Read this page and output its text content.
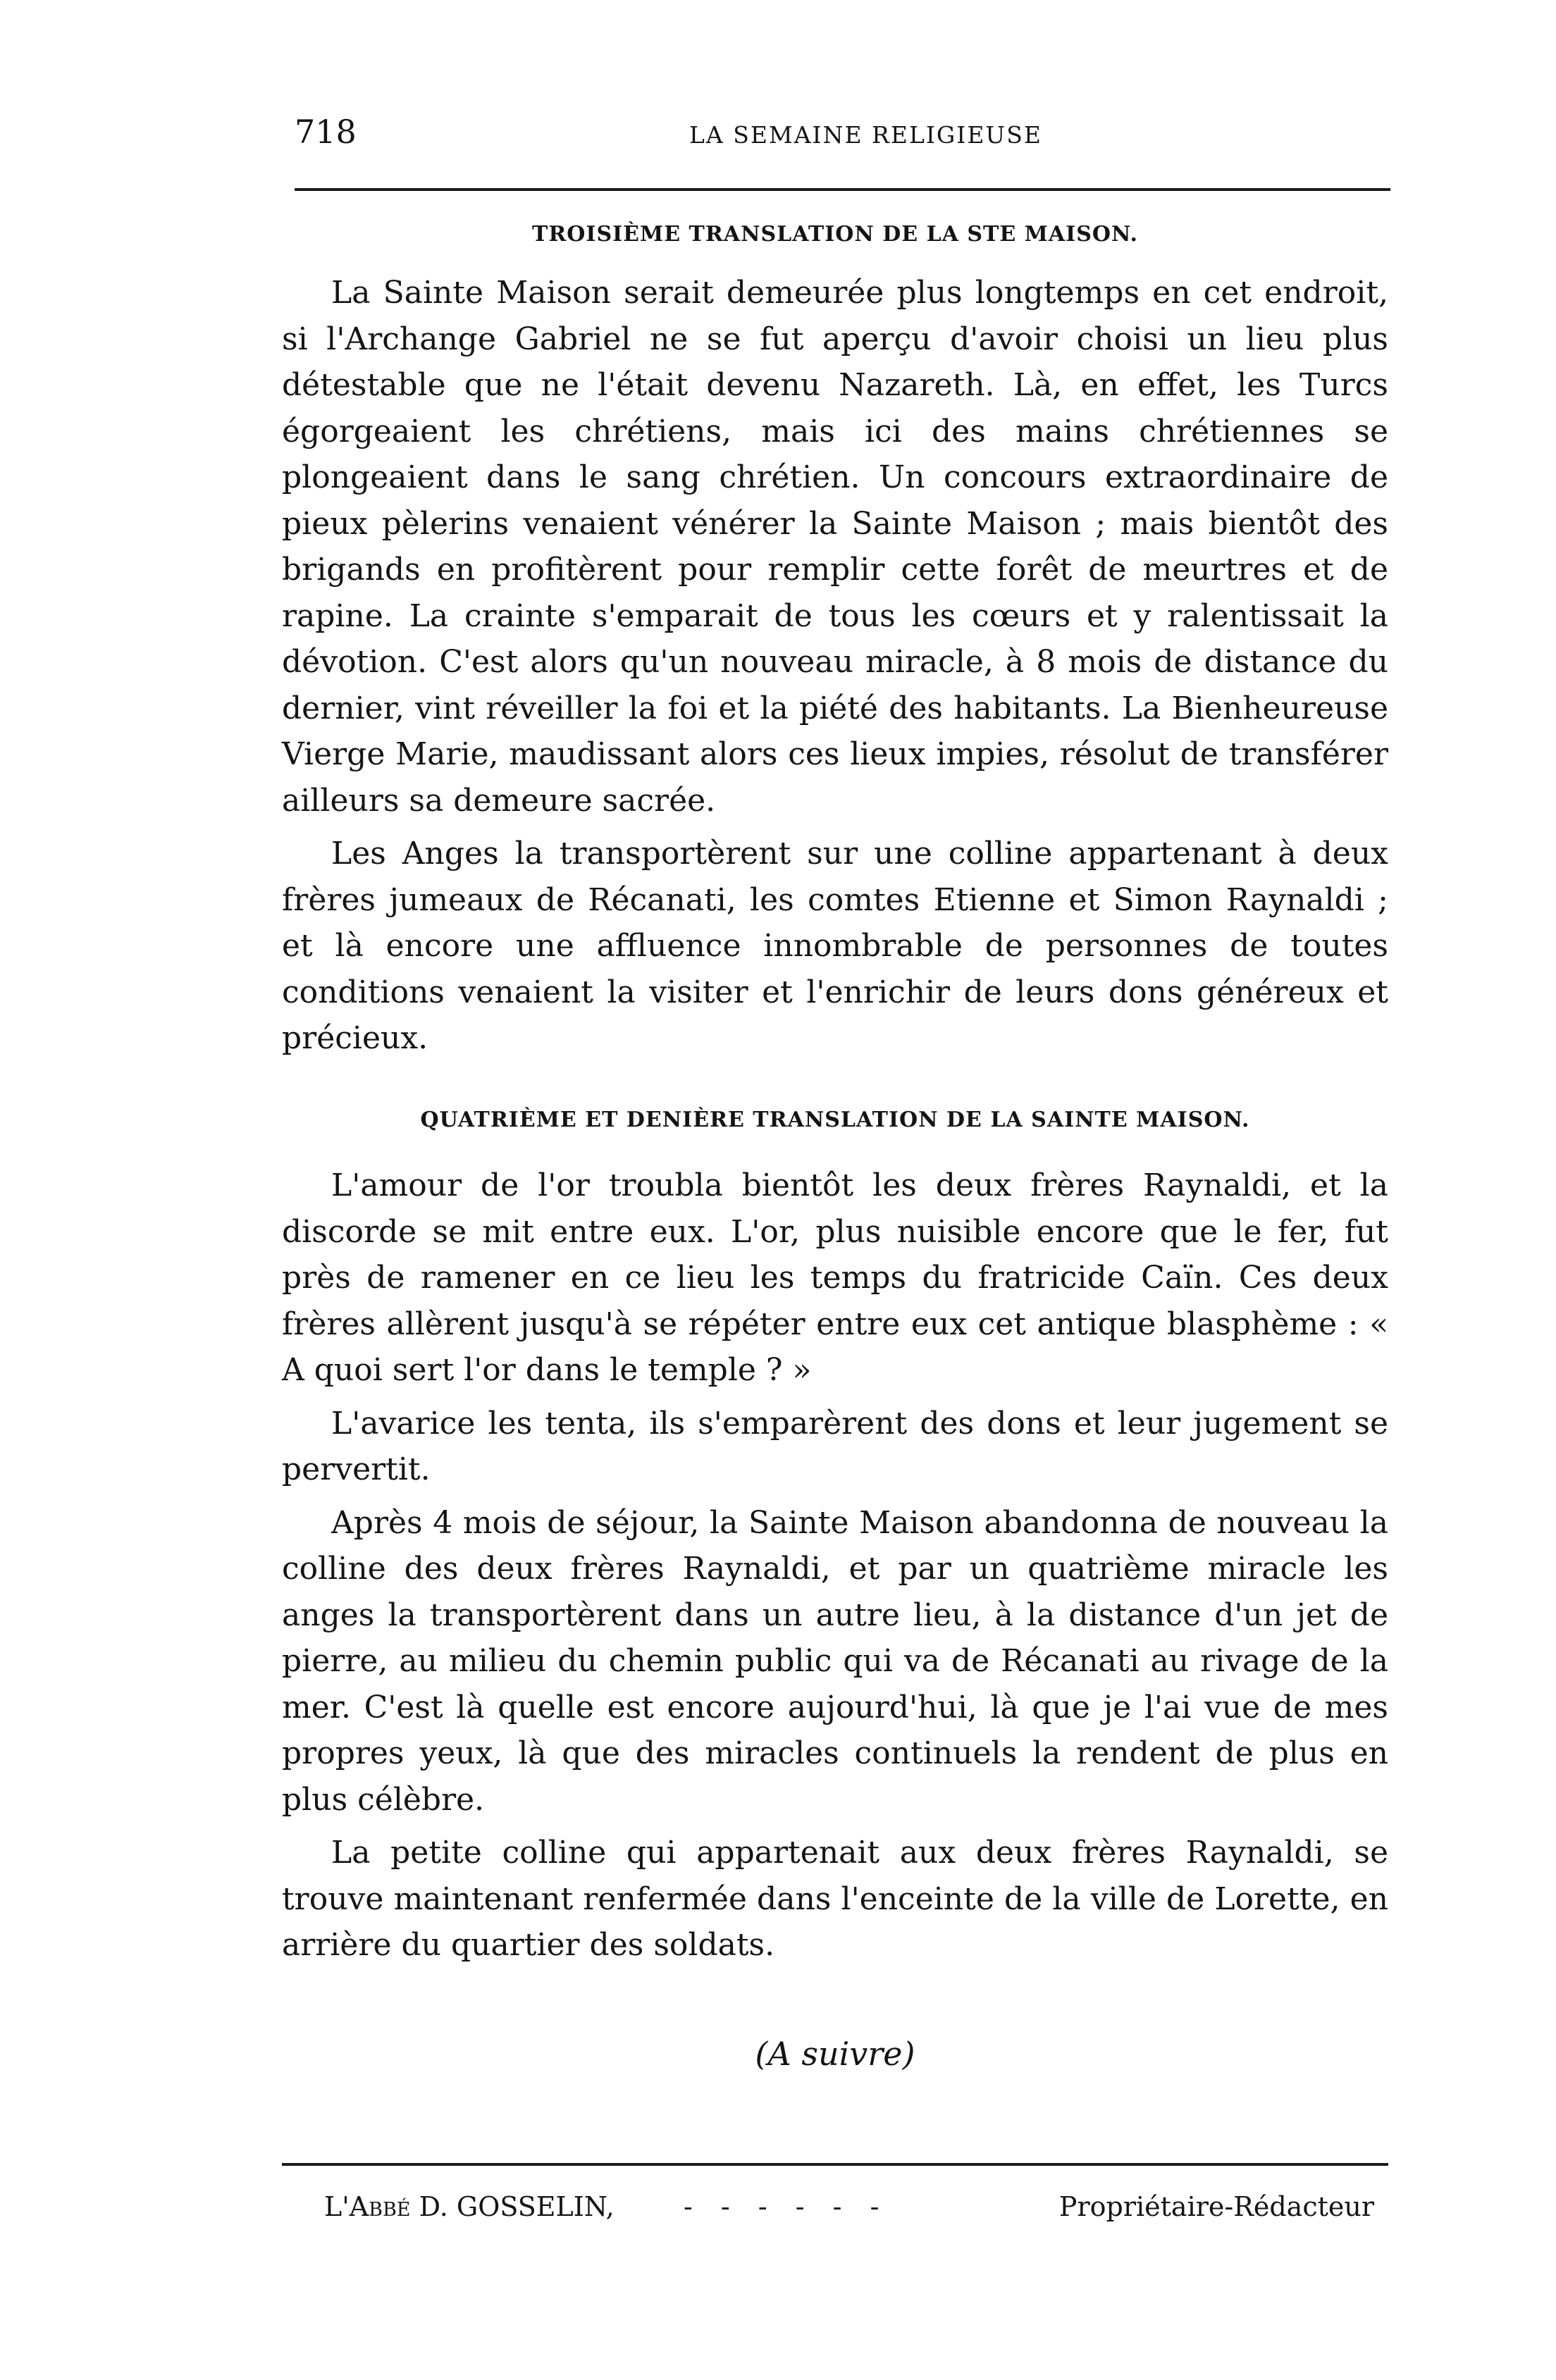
718	LA SEMAINE RELIGIEUSE
TROISIÈME TRANSLATION DE LA STE MAISON.

La Sainte Maison serait demeurée plus longtemps en cet endroit, si l'Archange Gabriel ne se fut aperçu d'avoir choisi un lieu plus détestable que ne l'était devenu Nazareth. Là, en effet, les Turcs égorgeaient les chrétiens, mais ici des mains chrétiennes se plongeaient dans le sang chrétien. Un concours extraordinaire de pieux pèlerins venaient vénérer la Sainte Maison ; mais bientôt des brigands en profitèrent pour remplir cette forêt de meurtres et de rapine. La crainte s'emparait de tous les cœurs et y ralentissait la dévotion. C'est alors qu'un nouveau miracle, à 8 mois de distance du dernier, vint réveiller la foi et la piété des habitants. La Bienheureuse Vierge Marie, maudissant alors ces lieux impies, résolut de transférer ailleurs sa demeure sacrée.

Les Anges la transportèrent sur une colline appartenant à deux frères jumeaux de Récanati, les comtes Etienne et Simon Raynaldi ; et là encore une affluence innombrable de personnes de toutes conditions venaient la visiter et l'enrichir de leurs dons généreux et précieux.

QUATRIÈME ET DENIÈRE TRANSLATION DE LA SAINTE MAISON.

L'amour de l'or troubla bientôt les deux frères Raynaldi, et la discorde se mit entre eux. L'or, plus nuisible encore que le fer, fut près de ramener en ce lieu les temps du fratricide Caïn. Ces deux frères allèrent jusqu'à se répéter entre eux cet antique blasphème : « A quoi sert l'or dans le temple ? »

L'avarice les tenta, ils s'emparèrent des dons et leur jugement se pervertit.

Après 4 mois de séjour, la Sainte Maison abandonna de nouveau la colline des deux frères Raynaldi, et par un quatrième miracle les anges la transportèrent dans un autre lieu, à la distance d'un jet de pierre, au milieu du chemin public qui va de Récanati au rivage de la mer. C'est là quelle est encore aujourd'hui, là que je l'ai vue de mes propres yeux, là que des miracles continuels la rendent de plus en plus célèbre.

La petite colline qui appartenait aux deux frères Raynaldi, se trouve maintenant renfermée dans l'enceinte de la ville de Lorette, en arrière du quartier des soldats.

(A suivre)
L'Abbé D. GOSSELIN,	- - - - - -	Propriétaire-Rédacteur
